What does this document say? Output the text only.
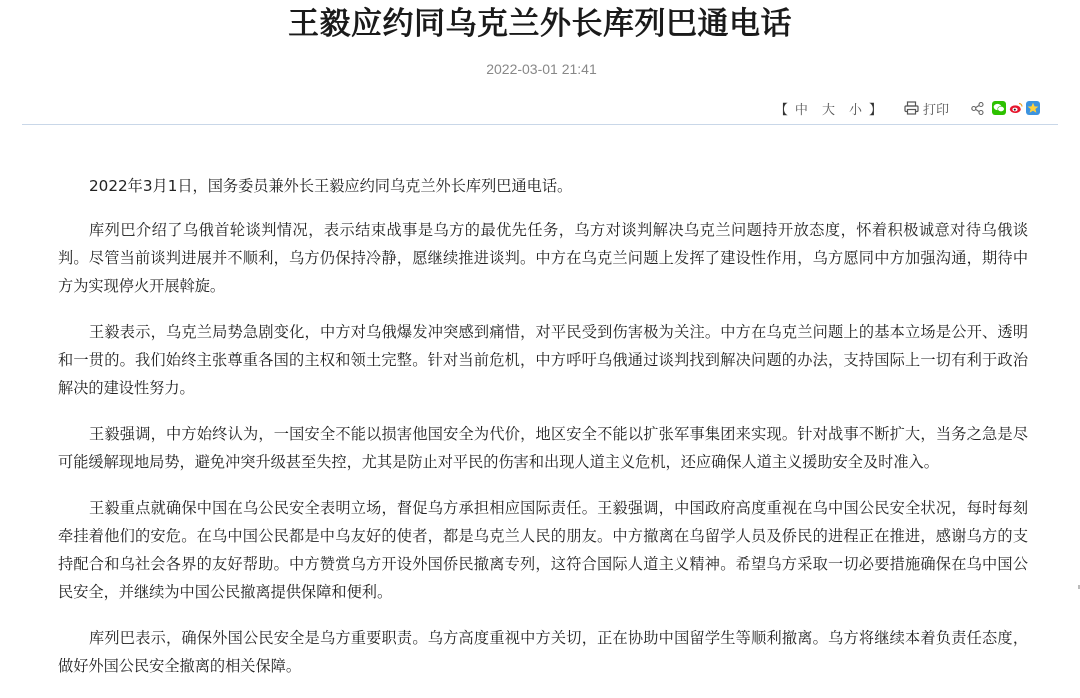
王毅应约同乌克兰外长库列巴通电话
2022-03-01 21:41
【 中 大 小 】	打印

2022年3月1日，国务委员兼外长王毅应约同乌克兰外长库列巴通电话。

库列巴介绍了乌俄首轮谈判情况，表示结束战事是乌方的最优先任务，乌方对谈判解决乌克兰问题持开放态度，怀着积极诚意对待乌俄谈判。尽管当前谈判进展并不顺利，乌方仍保持冷静，愿继续推进谈判。中方在乌克兰问题上发挥了建设性作用，乌方愿同中方加强沟通，期待中方为实现停火开展斡旋。

王毅表示，乌克兰局势急剧变化，中方对乌俄爆发冲突感到痛惜，对平民受到伤害极为关注。中方在乌克兰问题上的基本立场是公开、透明和一贯的。我们始终主张尊重各国的主权和领土完整。针对当前危机，中方呼吁乌俄通过谈判找到解决问题的办法，支持国际上一切有利于政治解决的建设性努力。

王毅强调，中方始终认为，一国安全不能以损害他国安全为代价，地区安全不能以扩张军事集团来实现。针对战事不断扩大，当务之急是尽可能缓解现地局势，避免冲突升级甚至失控，尤其是防止对平民的伤害和出现人道主义危机，还应确保人道主义援助安全及时准入。

王毅重点就确保中国在乌公民安全表明立场，督促乌方承担相应国际责任。王毅强调，中国政府高度重视在乌中国公民安全状况，每时每刻牵挂着他们的安危。在乌中国公民都是中乌友好的使者，都是乌克兰人民的朋友。中方撤离在乌留学人员及侨民的进程正在推进，感谢乌方的支持配合和乌社会各界的友好帮助。中方赞赏乌方开设外国侨民撤离专列，这符合国际人道主义精神。希望乌方采取一切必要措施确保在乌中国公民安全，并继续为中国公民撤离提供保障和便利。

库列巴表示，确保外国公民安全是乌方重要职责。乌方高度重视中方关切，正在协助中国留学生等顺利撤离。乌方将继续本着负责任态度，做好外国公民安全撤离的相关保障。
